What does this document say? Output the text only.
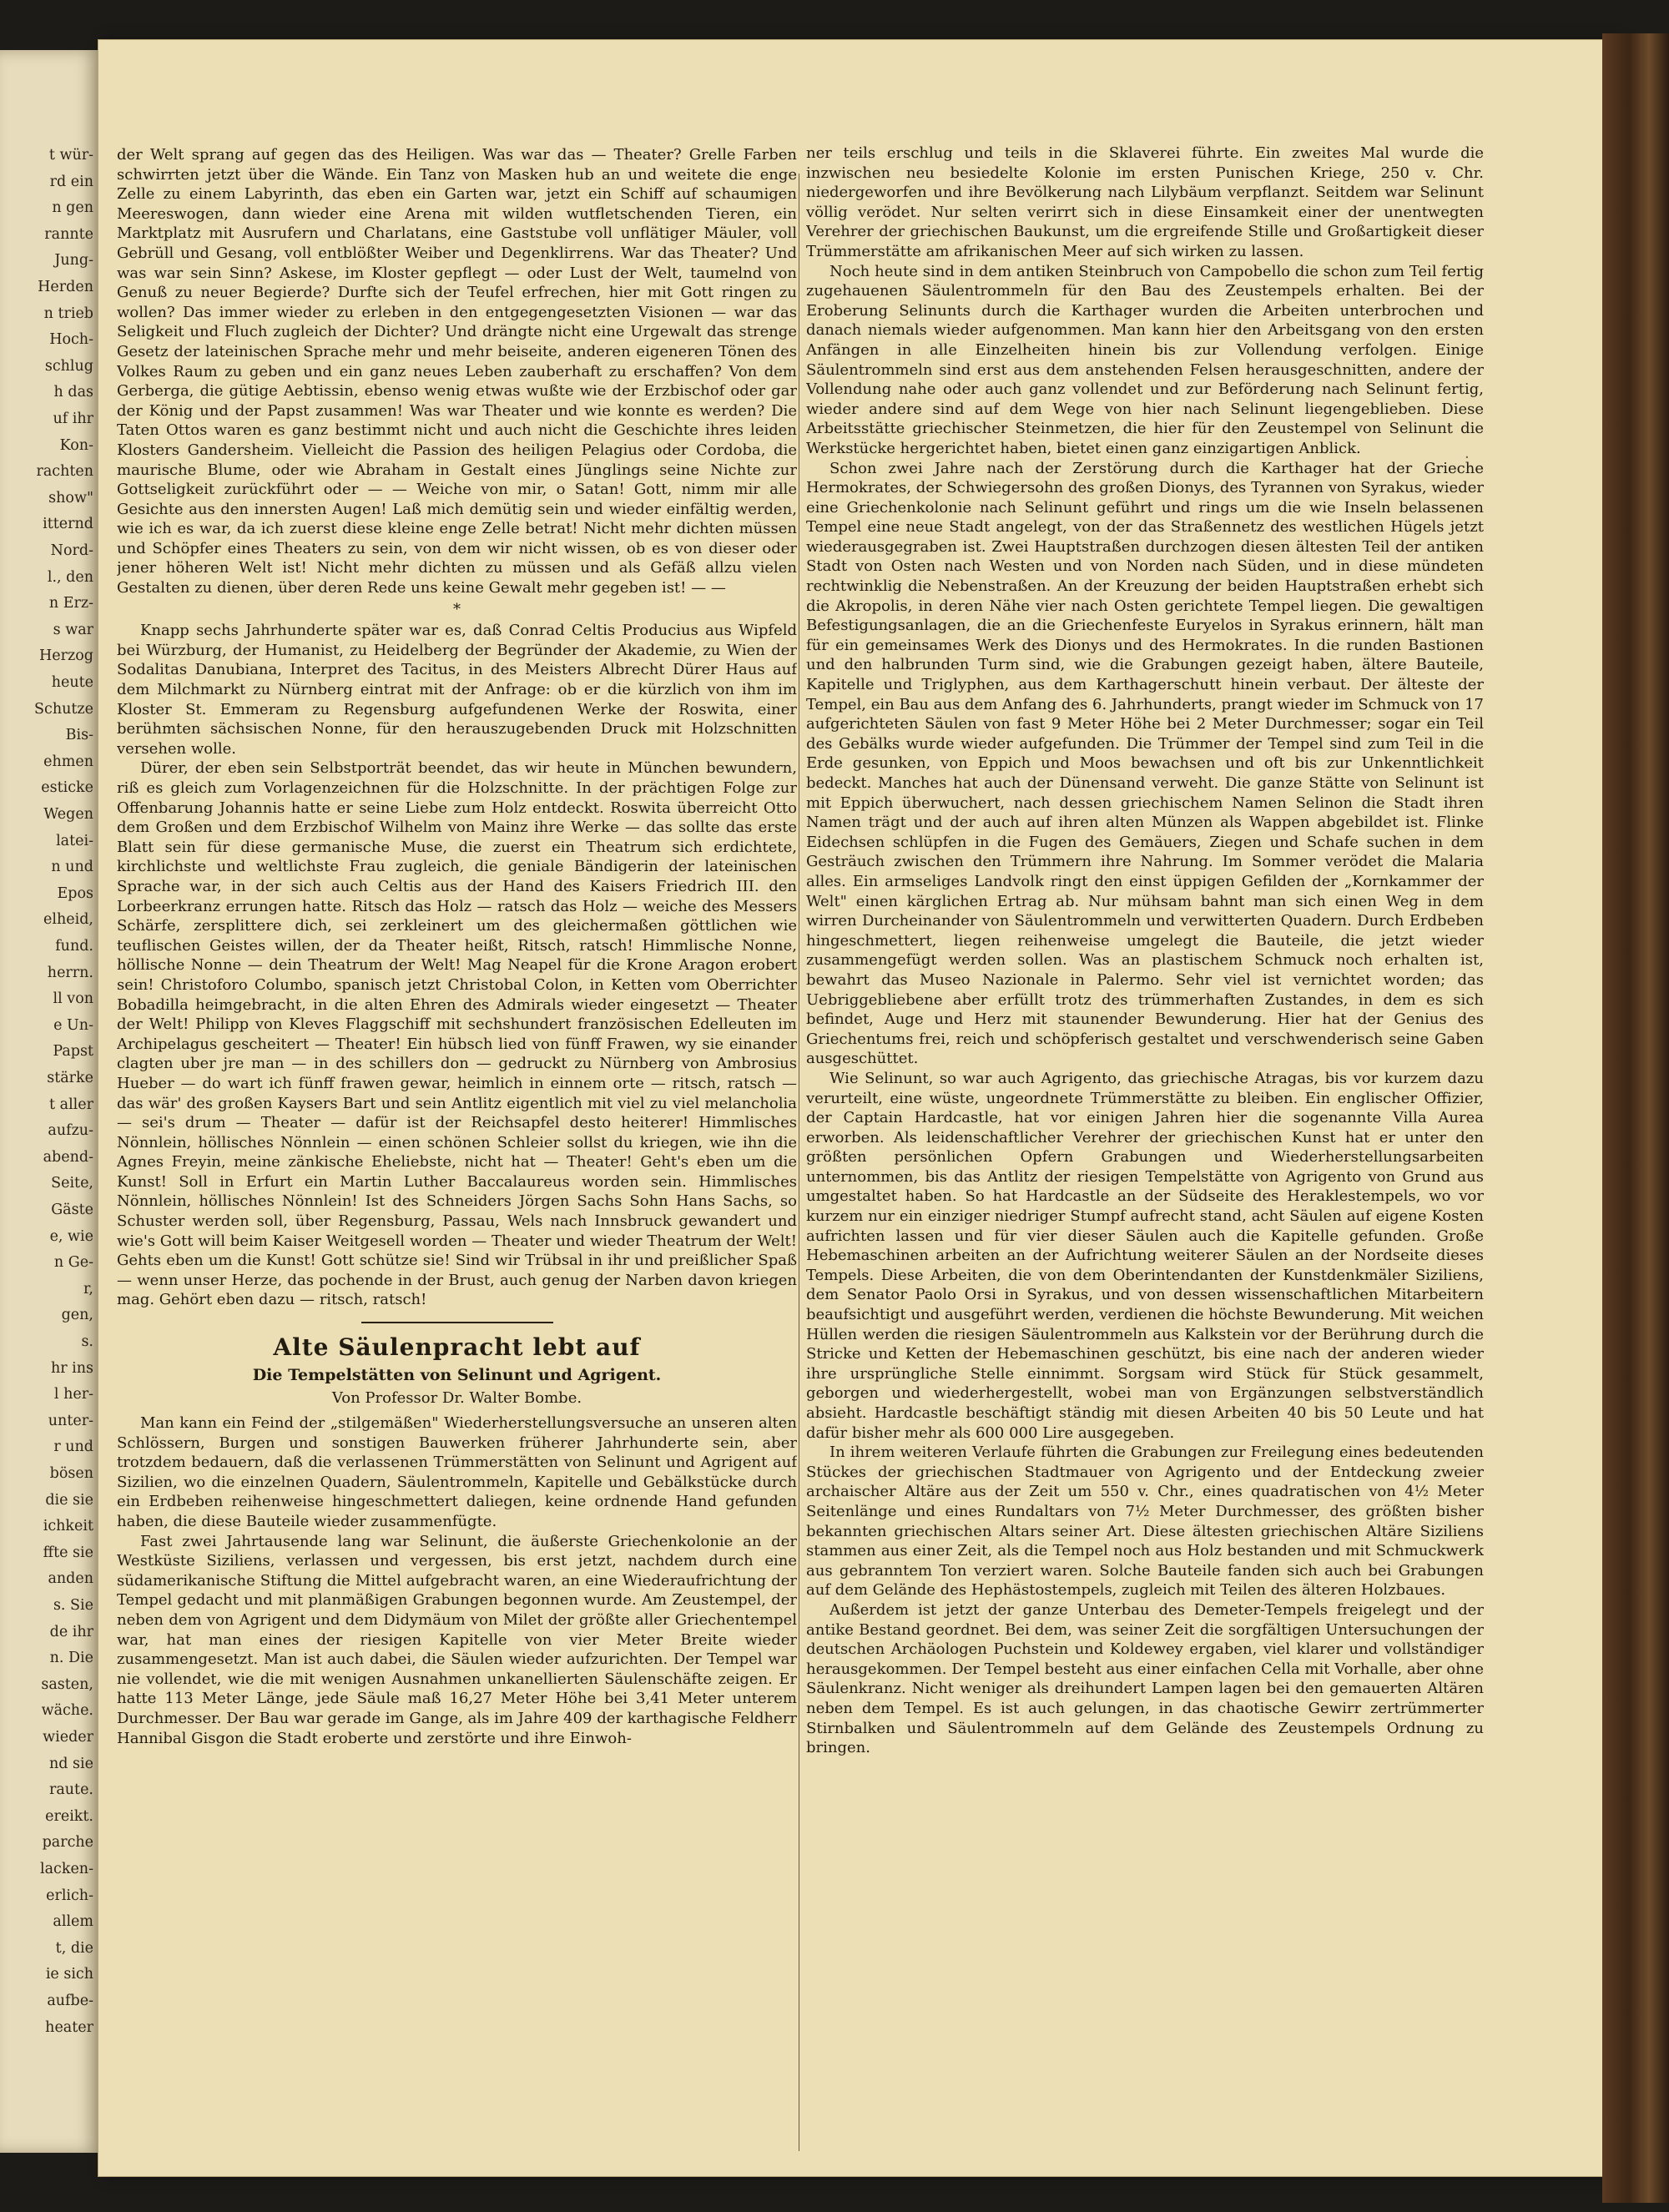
t wür-
rd ein
n gen
rannte
Jung-
Herden
n trieb
Hoch-
schlug
h das
uf ihr
Kon-
rachten
show"
itternd
Nord-
l., den
n Erz-
s war
Herzog
heute
Schutze
Bis-
ehmen
esticke
Wegen
latei-
n und
Epos
elheid,
fund.
herrn.
ll von
e Un-
Papst
stärke
t aller
aufzu-
abend-
Seite,
Gäste
e, wie
n Ge-
r,
gen,
s.
hr ins
l her-
unter-
r und
bösen
die sie
ichkeit
ffte sie
anden
s. Sie
de ihr
n. Die
sasten,
wäche.
wieder
nd sie
raute.
ereikt.
parche
lacken-
erlich-
allem
t, die
ie sich
aufbe-
heater

der Welt sprang auf gegen das des Heiligen. Was war das — Theater? Grelle Farben schwirrten jetzt über die Wände. Ein Tanz von Masken hub an und weitete die enge Zelle zu einem Labyrinth, das eben ein Garten war, jetzt ein Schiff auf schaumigen Meereswogen, dann wieder eine Arena mit wilden wutfletschenden Tieren, ein Marktplatz mit Ausrufern und Charlatans, eine Gaststube voll unflätiger Mäuler, voll Gebrüll und Gesang, voll entblößter Weiber und Degenklirrens. War das Theater? Und was war sein Sinn? Askese, im Kloster gepflegt — oder Lust der Welt, taumelnd von Genuß zu neuer Begierde? Durfte sich der Teufel erfrechen, hier mit Gott ringen zu wollen? Das immer wieder zu erleben in den entgegengesetzten Visionen — war das Seligkeit und Fluch zugleich der Dichter? Und drängte nicht eine Urgewalt das strenge Gesetz der lateinischen Sprache mehr und mehr beiseite, anderen eigeneren Tönen des Volkes Raum zu geben und ein ganz neues Leben zauberhaft zu erschaffen? Von dem Gerberga, die gütige Aebtissin, ebenso wenig etwas wußte wie der Erzbischof oder gar der König und der Papst zusammen! Was war Theater und wie konnte es werden? Die Taten Ottos waren es ganz bestimmt nicht und auch nicht die Geschichte ihres leiden Klosters Gandersheim. Vielleicht die Passion des heiligen Pelagius oder Cordoba, die maurische Blume, oder wie Abraham in Gestalt eines Jünglings seine Nichte zur Gottseligkeit zurückführt oder — — Weiche von mir, o Satan! Gott, nimm mir alle Gesichte aus den innersten Augen! Laß mich demütig sein und wieder einfältig werden, wie ich es war, da ich zuerst diese kleine enge Zelle betrat! Nicht mehr dichten müssen und Schöpfer eines Theaters zu sein, von dem wir nicht wissen, ob es von dieser oder jener höheren Welt ist! Nicht mehr dichten zu müssen und als Gefäß allzu vielen Gestalten zu dienen, über deren Rede uns keine Gewalt mehr gegeben ist! — —

*

Knapp sechs Jahrhunderte später war es, daß Conrad Celtis Producius aus Wipfeld bei Würzburg, der Humanist, zu Heidelberg der Begründer der Akademie, zu Wien der Sodalitas Danubiana, Interpret des Tacitus, in des Meisters Albrecht Dürer Haus auf dem Milchmarkt zu Nürnberg eintrat mit der Anfrage: ob er die kürzlich von ihm im Kloster St. Emmeram zu Regensburg aufgefundenen Werke der Roswita, einer berühmten sächsischen Nonne, für den herauszugebenden Druck mit Holzschnitten versehen wolle.

Dürer, der eben sein Selbstporträt beendet, das wir heute in München bewundern, riß es gleich zum Vorlagenzeichnen für die Holzschnitte. In der prächtigen Folge zur Offenbarung Johannis hatte er seine Liebe zum Holz entdeckt. Roswita überreicht Otto dem Großen und dem Erzbischof Wilhelm von Mainz ihre Werke — das sollte das erste Blatt sein für diese germanische Muse, die zuerst ein Theatrum sich erdichtete, kirchlichste und weltlichste Frau zugleich, die geniale Bändigerin der lateinischen Sprache war, in der sich auch Celtis aus der Hand des Kaisers Friedrich III. den Lorbeerkranz errungen hatte. Ritsch das Holz — ratsch das Holz — weiche des Messers Schärfe, zersplittere dich, sei zerkleinert um des gleichermaßen göttlichen wie teuflischen Geistes willen, der da Theater heißt, Ritsch, ratsch! Himmlische Nonne, höllische Nonne — dein Theatrum der Welt! Mag Neapel für die Krone Aragon erobert sein! Christoforo Columbo, spanisch jetzt Christobal Colon, in Ketten vom Oberrichter Bobadilla heimgebracht, in die alten Ehren des Admirals wieder eingesetzt — Theater der Welt! Philipp von Kleves Flaggschiff mit sechshundert französischen Edelleuten im Archipelagus gescheitert — Theater! Ein hübsch lied von fünff Frawen, wy sie einander clagten uber jre man — in des schillers don — gedruckt zu Nürnberg von Ambrosius Hueber — do wart ich fünff frawen gewar, heimlich in einnem orte — ritsch, ratsch — das wär' des großen Kaysers Bart und sein Antlitz eigentlich mit viel zu viel melancholia — sei's drum — Theater — dafür ist der Reichsapfel desto heiterer! Himmlisches Nönnlein, höllisches Nönnlein — einen schönen Schleier sollst du kriegen, wie ihn die Agnes Freyin, meine zänkische Eheliebste, nicht hat — Theater! Geht's eben um die Kunst! Soll in Erfurt ein Martin Luther Baccalaureus worden sein. Himmlisches Nönnlein, höllisches Nönnlein! Ist des Schneiders Jörgen Sachs Sohn Hans Sachs, so Schuster werden soll, über Regensburg, Passau, Wels nach Innsbruck gewandert und wie's Gott will beim Kaiser Weitgesell worden — Theater und wieder Theatrum der Welt! Gehts eben um die Kunst! Gott schütze sie! Sind wir Trübsal in ihr und preißlicher Spaß — wenn unser Herze, das pochende in der Brust, auch genug der Narben davon kriegen mag. Gehört eben dazu — ritsch, ratsch!

Alte Säulenpracht lebt auf
Die Tempelstätten von Selinunt und Agrigent.
Von Professor Dr. Walter Bombe.

Man kann ein Feind der „stilgemäßen" Wiederherstellungsversuche an unseren alten Schlössern, Burgen und sonstigen Bauwerken früherer Jahrhunderte sein, aber trotzdem bedauern, daß die verlassenen Trümmerstätten von Selinunt und Agrigent auf Sizilien, wo die einzelnen Quadern, Säulentrommeln, Kapitelle und Gebälkstücke durch ein Erdbeben reihenweise hingeschmettert daliegen, keine ordnende Hand gefunden haben, die diese Bauteile wieder zusammenfügte.

Fast zwei Jahrtausende lang war Selinunt, die äußerste Griechenkolonie an der Westküste Siziliens, verlassen und vergessen, bis erst jetzt, nachdem durch eine südamerikanische Stiftung die Mittel aufgebracht waren, an eine Wiederaufrichtung der Tempel gedacht und mit planmäßigen Grabungen begonnen wurde. Am Zeustempel, der neben dem von Agrigent und dem Didymäum von Milet der größte aller Griechentempel war, hat man eines der riesigen Kapitelle von vier Meter Breite wieder zusammengesetzt. Man ist auch dabei, die Säulen wieder aufzurichten. Der Tempel war nie vollendet, wie die mit wenigen Ausnahmen unkanellierten Säulenschäfte zeigen. Er hatte 113 Meter Länge, jede Säule maß 16,27 Meter Höhe bei 3,41 Meter unterem Durchmesser. Der Bau war gerade im Gange, als im Jahre 409 der karthagische Feldherr Hannibal Gisgon die Stadt eroberte und zerstörte und ihre Einwoh-

ner teils erschlug und teils in die Sklaverei führte. Ein zweites Mal wurde die inzwischen neu besiedelte Kolonie im ersten Punischen Kriege, 250 v. Chr. niedergeworfen und ihre Bevölkerung nach Lilybäum verpflanzt. Seitdem war Selinunt völlig verödet. Nur selten verirrt sich in diese Einsamkeit einer der unentwegten Verehrer der griechischen Baukunst, um die ergreifende Stille und Großartigkeit dieser Trümmerstätte am afrikanischen Meer auf sich wirken zu lassen.

Noch heute sind in dem antiken Steinbruch von Campobello die schon zum Teil fertig zugehauenen Säulentrommeln für den Bau des Zeustempels erhalten. Bei der Eroberung Selinunts durch die Karthager wurden die Arbeiten unterbrochen und danach niemals wieder aufgenommen. Man kann hier den Arbeitsgang von den ersten Anfängen in alle Einzelheiten hinein bis zur Vollendung verfolgen. Einige Säulentrommeln sind erst aus dem anstehenden Felsen herausgeschnitten, andere der Vollendung nahe oder auch ganz vollendet und zur Beförderung nach Selinunt fertig, wieder andere sind auf dem Wege von hier nach Selinunt liegengeblieben. Diese Arbeitsstätte griechischer Steinmetzen, die hier für den Zeustempel von Selinunt die Werkstücke hergerichtet haben, bietet einen ganz einzigartigen Anblick.

Schon zwei Jahre nach der Zerstörung durch die Karthager hat der Grieche Hermokrates, der Schwiegersohn des großen Dionys, des Tyrannen von Syrakus, wieder eine Griechenkolonie nach Selinunt geführt und rings um die wie Inseln belassenen Tempel eine neue Stadt angelegt, von der das Straßennetz des westlichen Hügels jetzt wiederausgegraben ist. Zwei Hauptstraßen durchzogen diesen ältesten Teil der antiken Stadt von Osten nach Westen und von Norden nach Süden, und in diese mündeten rechtwinklig die Nebenstraßen. An der Kreuzung der beiden Hauptstraßen erhebt sich die Akropolis, in deren Nähe vier nach Osten gerichtete Tempel liegen. Die gewaltigen Befestigungsanlagen, die an die Griechenfeste Euryelos in Syrakus erinnern, hält man für ein gemeinsames Werk des Dionys und des Hermokrates. In die runden Bastionen und den halbrunden Turm sind, wie die Grabungen gezeigt haben, ältere Bauteile, Kapitelle und Triglyphen, aus dem Karthagerschutt hinein verbaut. Der älteste der Tempel, ein Bau aus dem Anfang des 6. Jahrhunderts, prangt wieder im Schmuck von 17 aufgerichteten Säulen von fast 9 Meter Höhe bei 2 Meter Durchmesser; sogar ein Teil des Gebälks wurde wieder aufgefunden. Die Trümmer der Tempel sind zum Teil in die Erde gesunken, von Eppich und Moos bewachsen und oft bis zur Unkenntlichkeit bedeckt. Manches hat auch der Dünensand verweht. Die ganze Stätte von Selinunt ist mit Eppich überwuchert, nach dessen griechischem Namen Selinon die Stadt ihren Namen trägt und der auch auf ihren alten Münzen als Wappen abgebildet ist. Flinke Eidechsen schlüpfen in die Fugen des Gemäuers, Ziegen und Schafe suchen in dem Gesträuch zwischen den Trümmern ihre Nahrung. Im Sommer verödet die Malaria alles. Ein armseliges Landvolk ringt den einst üppigen Gefilden der „Kornkammer der Welt" einen kärglichen Ertrag ab. Nur mühsam bahnt man sich einen Weg in dem wirren Durcheinander von Säulentrommeln und verwitterten Quadern. Durch Erdbeben hingeschmettert, liegen reihenweise umgelegt die Bauteile, die jetzt wieder zusammengefügt werden sollen. Was an plastischem Schmuck noch erhalten ist, bewahrt das Museo Nazionale in Palermo. Sehr viel ist vernichtet worden; das Uebriggebliebene aber erfüllt trotz des trümmerhaften Zustandes, in dem es sich befindet, Auge und Herz mit staunender Bewunderung. Hier hat der Genius des Griechentums frei, reich und schöpferisch gestaltet und verschwenderisch seine Gaben ausgeschüttet.

Wie Selinunt, so war auch Agrigento, das griechische Atragas, bis vor kurzem dazu verurteilt, eine wüste, ungeordnete Trümmerstätte zu bleiben. Ein englischer Offizier, der Captain Hardcastle, hat vor einigen Jahren hier die sogenannte Villa Aurea erworben. Als leidenschaftlicher Verehrer der griechischen Kunst hat er unter den größten persönlichen Opfern Grabungen und Wiederherstellungsarbeiten unternommen, bis das Antlitz der riesigen Tempelstätte von Agrigento von Grund aus umgestaltet haben. So hat Hardcastle an der Südseite des Heraklestempels, wo vor kurzem nur ein einziger niedriger Stumpf aufrecht stand, acht Säulen auf eigene Kosten aufrichten lassen und für vier dieser Säulen auch die Kapitelle gefunden. Große Hebemaschinen arbeiten an der Aufrichtung weiterer Säulen an der Nordseite dieses Tempels. Diese Arbeiten, die von dem Oberintendanten der Kunstdenkmäler Siziliens, dem Senator Paolo Orsi in Syrakus, und von dessen wissenschaftlichen Mitarbeitern beaufsichtigt und ausgeführt werden, verdienen die höchste Bewunderung. Mit weichen Hüllen werden die riesigen Säulentrommeln aus Kalkstein vor der Berührung durch die Stricke und Ketten der Hebemaschinen geschützt, bis eine nach der anderen wieder ihre ursprüngliche Stelle einnimmt. Sorgsam wird Stück für Stück gesammelt, geborgen und wiederhergestellt, wobei man von Ergänzungen selbstverständlich absieht. Hardcastle beschäftigt ständig mit diesen Arbeiten 40 bis 50 Leute und hat dafür bisher mehr als 600 000 Lire ausgegeben.

In ihrem weiteren Verlaufe führten die Grabungen zur Freilegung eines bedeutenden Stückes der griechischen Stadtmauer von Agrigento und der Entdeckung zweier archaischer Altäre aus der Zeit um 550 v. Chr., eines quadratischen von 4½ Meter Seitenlänge und eines Rundaltars von 7½ Meter Durchmesser, des größten bisher bekannten griechischen Altars seiner Art. Diese ältesten griechischen Altäre Siziliens stammen aus einer Zeit, als die Tempel noch aus Holz bestanden und mit Schmuckwerk aus gebranntem Ton verziert waren. Solche Bauteile fanden sich auch bei Grabungen auf dem Gelände des Hephästostempels, zugleich mit Teilen des älteren Holzbaues.

Außerdem ist jetzt der ganze Unterbau des Demeter-Tempels freigelegt und der antike Bestand geordnet. Bei dem, was seiner Zeit die sorgfältigen Untersuchungen der deutschen Archäologen Puchstein und Koldewey ergaben, viel klarer und vollständiger herausgekommen. Der Tempel besteht aus einer einfachen Cella mit Vorhalle, aber ohne Säulenkranz. Nicht weniger als dreihundert Lampen lagen bei den gemauerten Altären neben dem Tempel. Es ist auch gelungen, in das chaotische Gewirr zertrümmerter Stirnbalken und Säulentrommeln auf dem Gelände des Zeustempels Ordnung zu bringen.

.
